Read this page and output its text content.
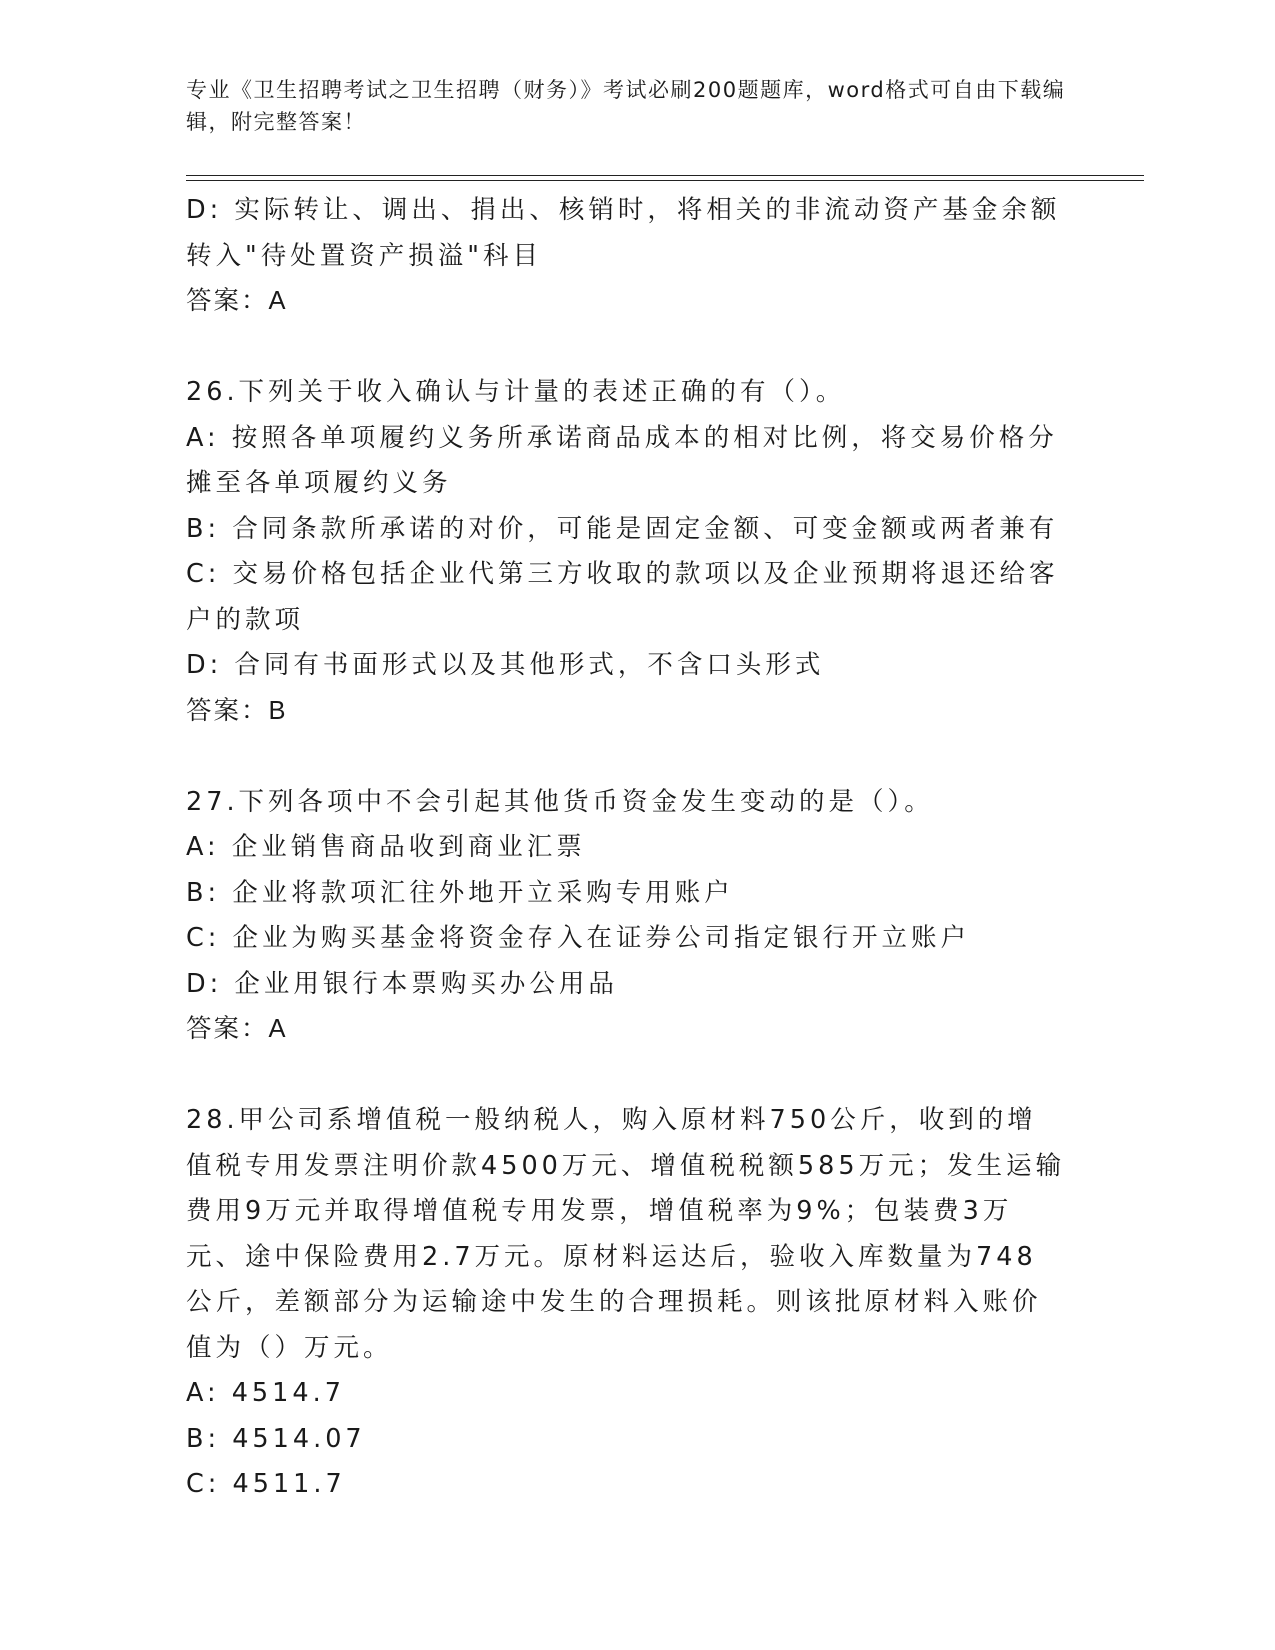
专业《卫生招聘考试之卫生招聘（财务）》考试必刷200题题库，word格式可自由下载编辑，附完整答案！

D: 实际转让、调出、捐出、核销时，将相关的非流动资产基金余额转入"待处置资产损溢"科目

答案：A

26.下列关于收入确认与计量的表述正确的有（）。

A: 按照各单项履约义务所承诺商品成本的相对比例，将交易价格分摊至各单项履约义务

B: 合同条款所承诺的对价，可能是固定金额、可变金额或两者兼有

C: 交易价格包括企业代第三方收取的款项以及企业预期将退还给客户的款项

D: 合同有书面形式以及其他形式，不含口头形式

答案：B

27.下列各项中不会引起其他货币资金发生变动的是（）。

A: 企业销售商品收到商业汇票

B: 企业将款项汇往外地开立采购专用账户

C: 企业为购买基金将资金存入在证券公司指定银行开立账户

D: 企业用银行本票购买办公用品

答案：A

28.甲公司系增值税一般纳税人，购入原材料750公斤，收到的增值税专用发票注明价款4500万元、增值税税额585万元；发生运输费用9万元并取得增值税专用发票，增值税率为9%；包装费3万元、途中保险费用2.7万元。原材料运达后，验收入库数量为748公斤，差额部分为运输途中发生的合理损耗。则该批原材料入账价值为（）万元。

A: 4514.7

B: 4514.07

C: 4511.7
